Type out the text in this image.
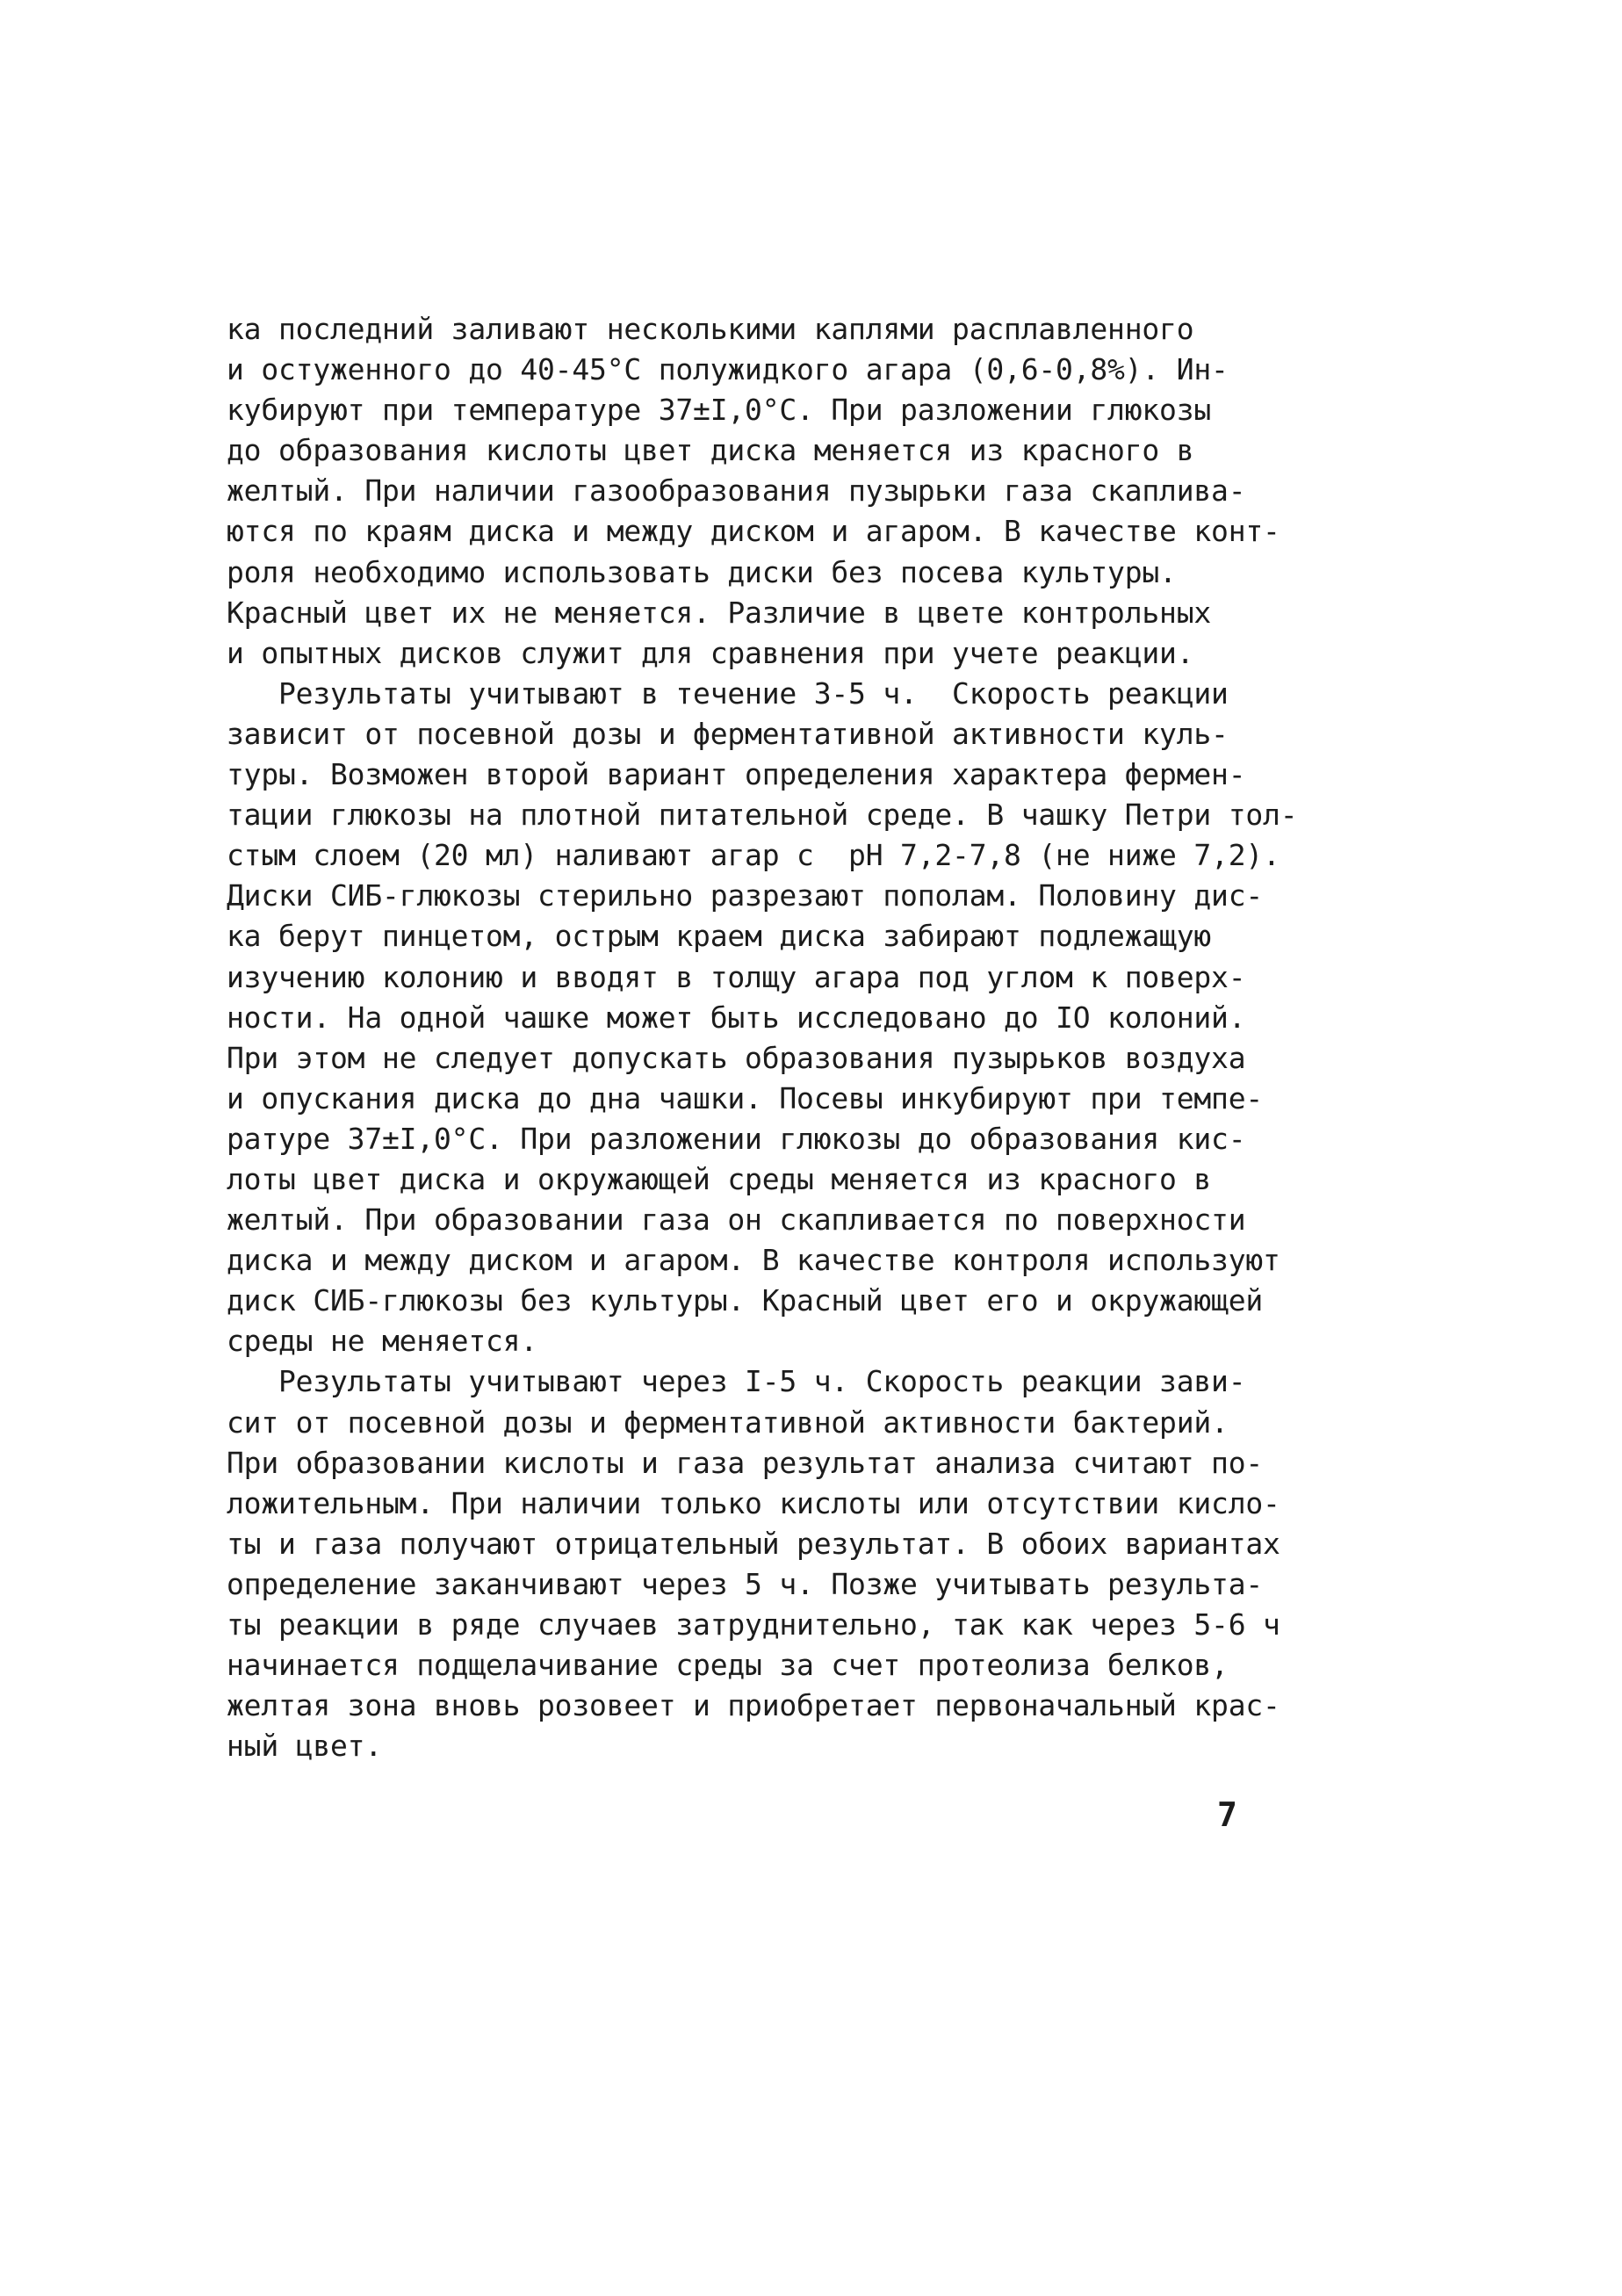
ка последний заливают несколькими каплями расплавленного
и остуженного до 40-45°С полужидкого агара (0,6-0,8%). Ин-
кубируют при температуре 37±I,0°С. При разложении глюкозы
до образования кислоты цвет диска меняется из красного в
желтый. При наличии газообразования пузырьки газа скаплива-
ются по краям диска и между диском и агаром. В качестве конт-
роля необходимо использовать диски без посева культуры.
Красный цвет их не меняется. Различие в цвете контрольных
и опытных дисков служит для сравнения при учете реакции.
Результаты учитывают в течение 3-5 ч.  Скорость реакции
зависит от посевной дозы и ферментативной активности куль-
туры. Возможен второй вариант определения характера фермен-
тации глюкозы на плотной питательной среде. В чашку Петри тол-
стым слоем (20 мл) наливают агар с  рН 7,2-7,8 (не ниже 7,2).
Диски СИБ-глюкозы стерильно разрезают пополам. Половину дис-
ка берут пинцетом, острым краем диска забирают подлежащую
изучению колонию и вводят в толщу агара под углом к поверх-
ности. На одной чашке может быть исследовано до IO колоний.
При этом не следует допускать образования пузырьков воздуха
и опускания диска до дна чашки. Посевы инкубируют при темпе-
ратуре 37±I,0°С. При разложении глюкозы до образования кис-
лоты цвет диска и окружающей среды меняется из красного в
желтый. При образовании газа он скапливается по поверхности
диска и между диском и агаром. В качестве контроля используют
диск СИБ-глюкозы без культуры. Красный цвет его и окружающей
среды не меняется.
Результаты учитывают через I-5 ч. Скорость реакции зави-
сит от посевной дозы и ферментативной активности бактерий.
При образовании кислоты и газа результат анализа считают по-
ложительным. При наличии только кислоты или отсутствии кисло-
ты и газа получают отрицательный результат. В обоих вариантах
определение заканчивают через 5 ч. Позже учитывать результа-
ты реакции в ряде случаев затруднительно, так как через 5-6 ч
начинается подщелачивание среды за счет протеолиза белков,
желтая зона вновь розовеет и приобретает первоначальный крас-
ный цвет.
7
